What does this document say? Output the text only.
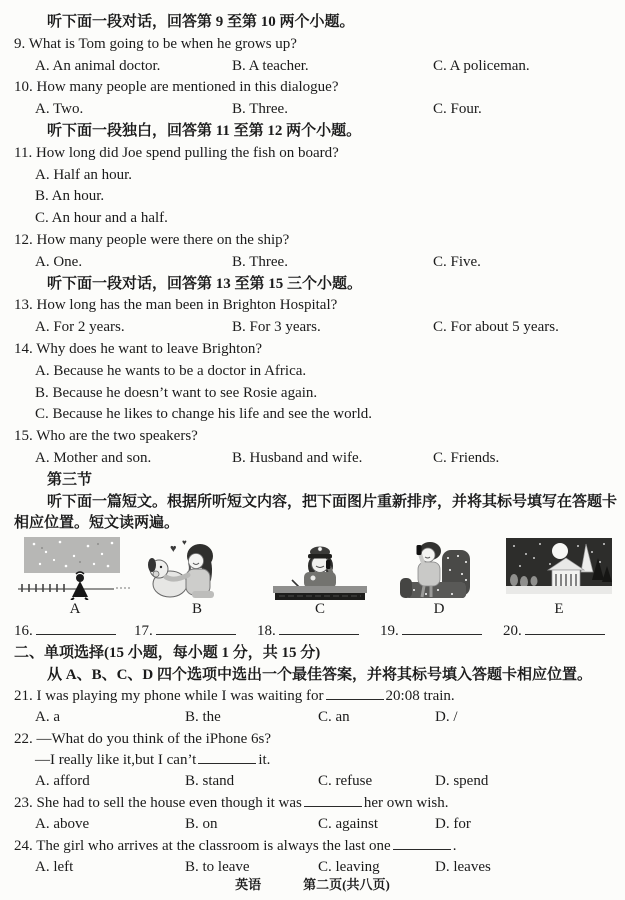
听下面一段对话，回答第 9 至第 10 两个小题。
9. What is Tom going to be when he grows up?
A. An animal doctor.	B. A teacher.	C. A policeman.
10. How many people are mentioned in this dialogue?
A. Two.	B. Three.	C. Four.
听下面一段独白，回答第 11 至第 12 两个小题。
11. How long did Joe spend pulling the fish on board?
A. Half an hour.
B. An hour.
C. An hour and a half.
12. How many people were there on the ship?
A. One.	B. Three.	C. Five.
听下面一段对话，回答第 13 至第 15 三个小题。
13. How long has the man been in Brighton Hospital?
A. For 2 years.	B. For 3 years.	C. For about 5 years.
14. Why does he want to leave Brighton?
A. Because he wants to be a doctor in Africa.
B. Because he doesn’t want to see Rosie again.
C. Because he likes to change his life and see the world.
15. Who are the two speakers?
A. Mother and son.	B. Husband and wife.	C. Friends.
第三节
听下面一篇短文。根据所听短文内容，把下面图片重新排序，并将其标号填写在答题卡
相应位置。短文读两遍。
A
♥
♥
B	C	D	E
16.	17.	18.	19.	20.
二、单项选择(15 小题，每小题 1 分，共 15 分)
从 A、B、C、D 四个选项中选出一个最佳答案，并将其标号填入答题卡相应位置。
21. I was playing my phone while I was waiting for	20:08 train.
A. a	B. the	C. an	D. /
22. —What do you think of the iPhone 6s?
—I really like it,but I can’t	it.
A. afford	B. stand	C. refuse	D. spend
23. She had to sell the house even though it was	her own wish.
A. above	B. on	C. against	D. for
24. The girl who arrives at the classroom is always the last one	.
A. left	B. to leave	C. leaving	D. leaves
英语	第二页(共八页)
